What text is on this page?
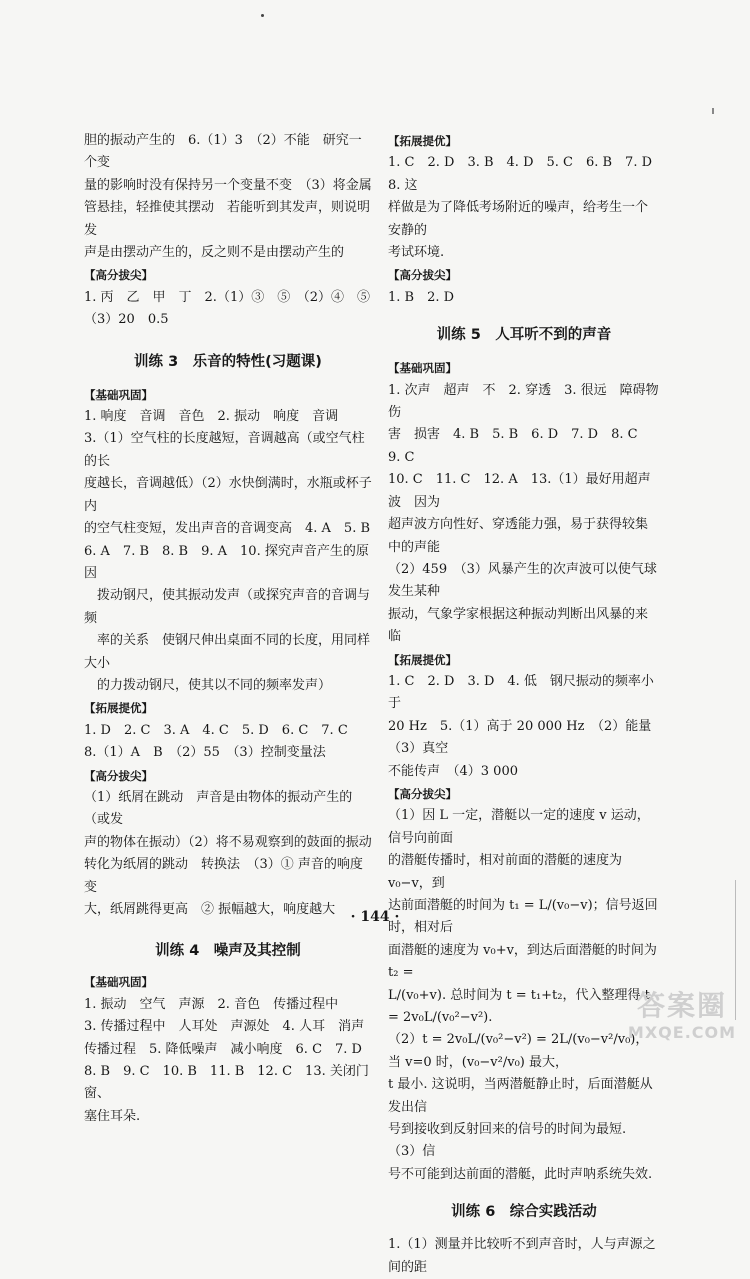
胆的振动产生的　6.（1）3　（2）不能　研究一个变

量的影响时没有保持另一个变量不变　（3）将金属

管悬挂，轻推使其摆动　若能听到其发声，则说明发

声是由摆动产生的，反之则不是由摆动产生的

【高分拔尖】

1. 丙　乙　甲　丁　2.（1）③　⑤　（2）④　⑤

（3）20　0.5

训练 3　乐音的特性(习题课)
【基础巩固】

1. 响度　音调　音色　2. 振动　响度　音调

3.（1）空气柱的长度越短，音调越高（或空气柱的长

度越长，音调越低）（2）水快倒满时，水瓶或杯子内

的空气柱变短，发出声音的音调变高　4. A　5. B

6. A　7. B　8. B　9. A　10. 探究声音产生的原因

　拨动钢尺，使其振动发声（或探究声音的音调与频

　率的关系　使钢尺伸出桌面不同的长度，用同样大小

　的力拨动钢尺，使其以不同的频率发声）

【拓展提优】

1. D　2. C　3. A　4. C　5. D　6. C　7. C

8.（1）A　B　（2）55　（3）控制变量法

【高分拔尖】

（1）纸屑在跳动　声音是由物体的振动产生的（或发

声的物体在振动）（2）将不易观察到的鼓面的振动

转化为纸屑的跳动　转换法　（3）① 声音的响度变

大，纸屑跳得更高　② 振幅越大，响度越大

训练 4　噪声及其控制
【基础巩固】

1. 振动　空气　声源　2. 音色　传播过程中

3. 传播过程中　人耳处　声源处　4. 人耳　消声

传播过程　5. 降低噪声　减小响度　6. C　7. D

8. B　9. C　10. B　11. B　12. C　13. 关闭门窗、

塞住耳朵.

【拓展提优】

1. C　2. D　3. B　4. D　5. C　6. B　7. D　8. 这

样做是为了降低考场附近的噪声，给考生一个安静的

考试环境.

【高分拔尖】

1. B　2. D

训练 5　人耳听不到的声音
【基础巩固】

1. 次声　超声　不　2. 穿透　3. 很远　障碍物　伤

害　损害　4. B　5. B　6. D　7. D　8. C　9. C

10. C　11. C　12. A　13.（1）最好用超声波　因为

超声波方向性好、穿透能力强，易于获得较集中的声能

（2）459　（3）风暴产生的次声波可以使气球发生某种

振动，气象学家根据这种振动判断出风暴的来临

【拓展提优】

1. C　2. D　3. D　4. 低　钢尺振动的频率小于

20 Hz　5.（1）高于 20 000 Hz　（2）能量　（3）真空

不能传声　（4）3 000

【高分拔尖】

（1）因 L 一定，潜艇以一定的速度 v 运动，信号向前面

的潜艇传播时，相对前面的潜艇的速度为 v₀−v，到

达前面潜艇的时间为 t₁ = L/(v₀−v)；信号返回时，相对后

面潜艇的速度为 v₀+v，到达后面潜艇的时间为 t₂ =

L/(v₀+v). 总时间为 t = t₁+t₂，代入整理得 t = 2v₀L/(v₀²−v²).

（2）t = 2v₀L/(v₀²−v²) = 2L/(v₀−v²/v₀)，当 v=0 时，(v₀−v²/v₀) 最大，

t 最小. 这说明，当两潜艇静止时，后面潜艇从发出信

号到接收到反射回来的信号的时间为最短.　（3）信

号不可能到达前面的潜艇，此时声呐系统失效.

训练 6　综合实践活动

1.（1）测量并比较听不到声音时，人与声源之间的距

· 144 ·
答案圈
MXQE.COM
